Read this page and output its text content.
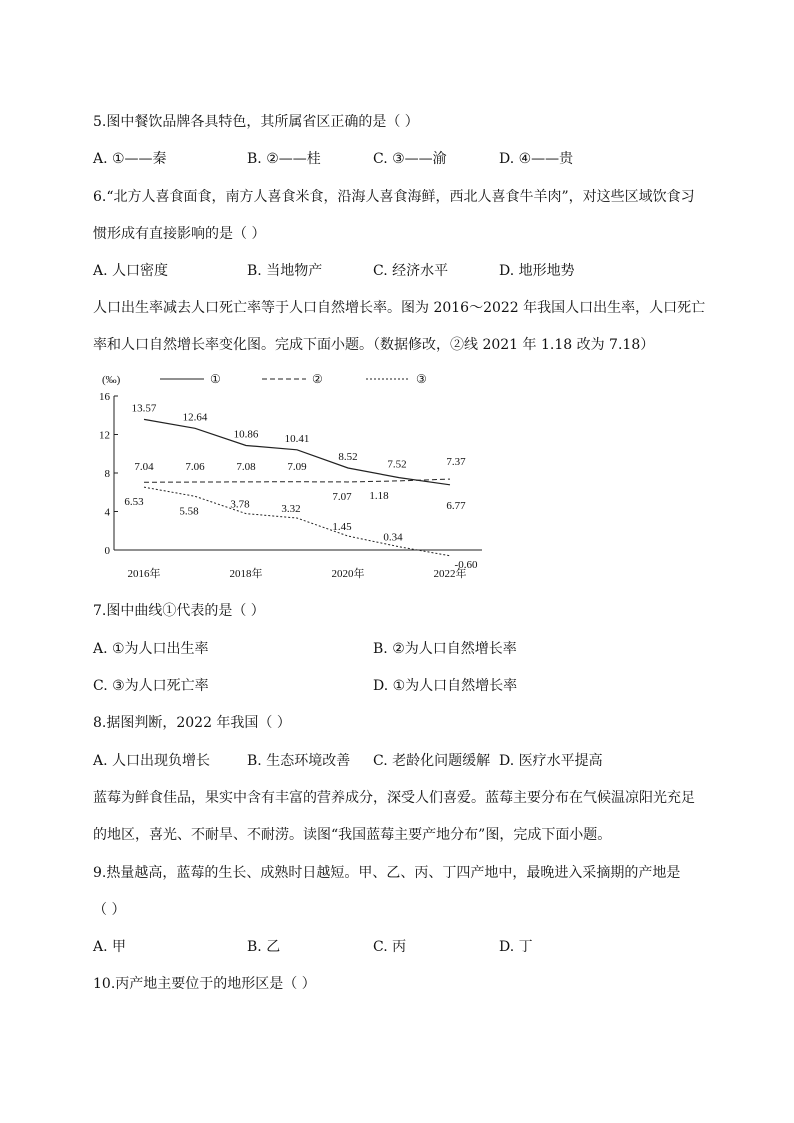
5.图中餐饮品牌各具特色，其所属省区正确的是（ ）
A. ①——秦	B. ②——桂	C. ③——渝	D. ④——贵
6.“北方人喜食面食，南方人喜食米食，沿海人喜食海鲜，西北人喜食牛羊肉”，对这些区域饮食习
惯形成有直接影响的是（ ）
A. 人口密度	B. 当地物产	C. 经济水平	D. 地形地势
人口出生率减去人口死亡率等于人口自然增长率。图为 2016～2022 年我国人口出生率，人口死亡
率和人口自然增长率变化图。完成下面小题。（数据修改，②线 2021 年 1.18 改为 7.18）
(‰)
16
12
8
4
0
2016年	2018年	2020年	2022年
①	②	③
13.57
12.64
10.86 10.41
8.52
7.52
6.77
7.04	7.06	7.08	7.09
7.07 1.18
7.37
6.53
5.58
3.78	3.32
1.45
0.34
-0.60
7.图中曲线①代表的是（ ）
A. ①为人口出生率	B. ②为人口自然增长率
C. ③为人口死亡率	D. ①为人口自然增长率
8.据图判断，2022 年我国（ ）
A. 人口出现负增长	B. 生态环境改善 C. 老龄化问题缓解 D. 医疗水平提高
蓝莓为鲜食佳品，果实中含有丰富的营养成分，深受人们喜爱。蓝莓主要分布在气候温凉阳光充足
的地区，喜光、不耐旱、不耐涝。读图“我国蓝莓主要产地分布”图，完成下面小题。
9.热量越高，蓝莓的生长、成熟时日越短。甲、乙、丙、丁四产地中，最晚进入采摘期的产地是
（ ）
A. 甲	B. 乙	C. 丙	D. 丁
10.丙产地主要位于的地形区是（ ）
